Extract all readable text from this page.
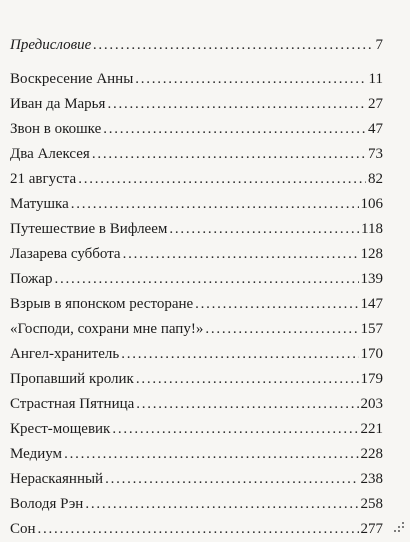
Предисловие . . .	7
Воскресение Анны . . .	11
Иван да Марья . . .	27
Звон в окошке . . .	47
Два Алексея . . .	73
21 августа . . .	82
Матушка . . .	106
Путешествие в Вифлеем . . .	118
Лазарева суббота . . .	128
Пожар . . .	139
Взрыв в японском ресторане . . .	147
«Господи, сохрани мне папу!» . . .	157
Ангел-хранитель . . .	170
Пропавший кролик . . .	179
Страстная Пятница . . .	203
Крест-мощевик . . .	221
Медиум . . .	228
Нераскаянный . . .	238
Володя Рэн . . .	258
Сон . . .	277
